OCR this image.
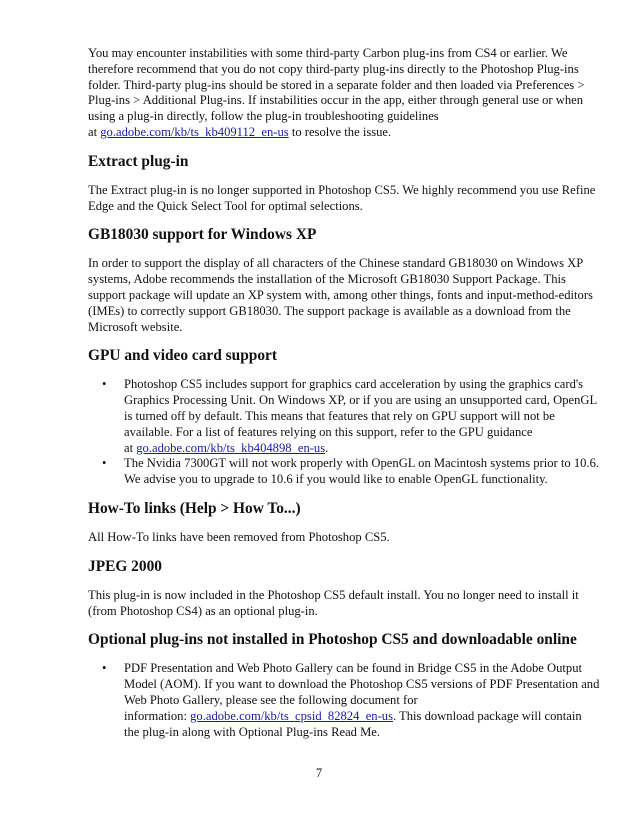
You may encounter instabilities with some third-party Carbon plug-ins from CS4 or earlier. We therefore recommend that you do not copy third-party plug-ins directly to the Photoshop Plug-ins folder. Third-party plug-ins should be stored in a separate folder and then loaded via Preferences > Plug-ins > Additional Plug-ins. If instabilities occur in the app, either through general use or when using a plug-in directly, follow the plug-in troubleshooting guidelines
at go.adobe.com/kb/ts_kb409112_en-us to resolve the issue.

Extract plug-in

The Extract plug-in is no longer supported in Photoshop CS5. We highly recommend you use Refine Edge and the Quick Select Tool for optimal selections.

GB18030 support for Windows XP

In order to support the display of all characters of the Chinese standard GB18030 on Windows XP systems, Adobe recommends the installation of the Microsoft GB18030 Support Package. This support package will update an XP system with, among other things, fonts and input-method-editors (IMEs) to correctly support GB18030. The support package is available as a download from the Microsoft website.

GPU and video card support
• Photoshop CS5 includes support for graphics card acceleration by using the graphics card's Graphics Processing Unit. On Windows XP, or if you are using an unsupported card, OpenGL is turned off by default. This means that features that rely on GPU support will not be available. For a list of features relying on this support, refer to the GPU guidance
at go.adobe.com/kb/ts_kb404898_en-us.
• The Nvidia 7300GT will not work properly with OpenGL on Macintosh systems prior to 10.6. We advise you to upgrade to 10.6 if you would like to enable OpenGL functionality.
How-To links (Help > How To...)

All How-To links have been removed from Photoshop CS5.

JPEG 2000

This plug-in is now included in the Photoshop CS5 default install. You no longer need to install it (from Photoshop CS4) as an optional plug-in.

Optional plug-ins not installed in Photoshop CS5 and downloadable online
• PDF Presentation and Web Photo Gallery can be found in Bridge CS5 in the Adobe Output Model (AOM). If you want to download the Photoshop CS5 versions of PDF Presentation and Web Photo Gallery, please see the following document for
information: go.adobe.com/kb/ts_cpsid_82824_en-us. This download package will contain the plug-in along with Optional Plug-ins Read Me.
7
